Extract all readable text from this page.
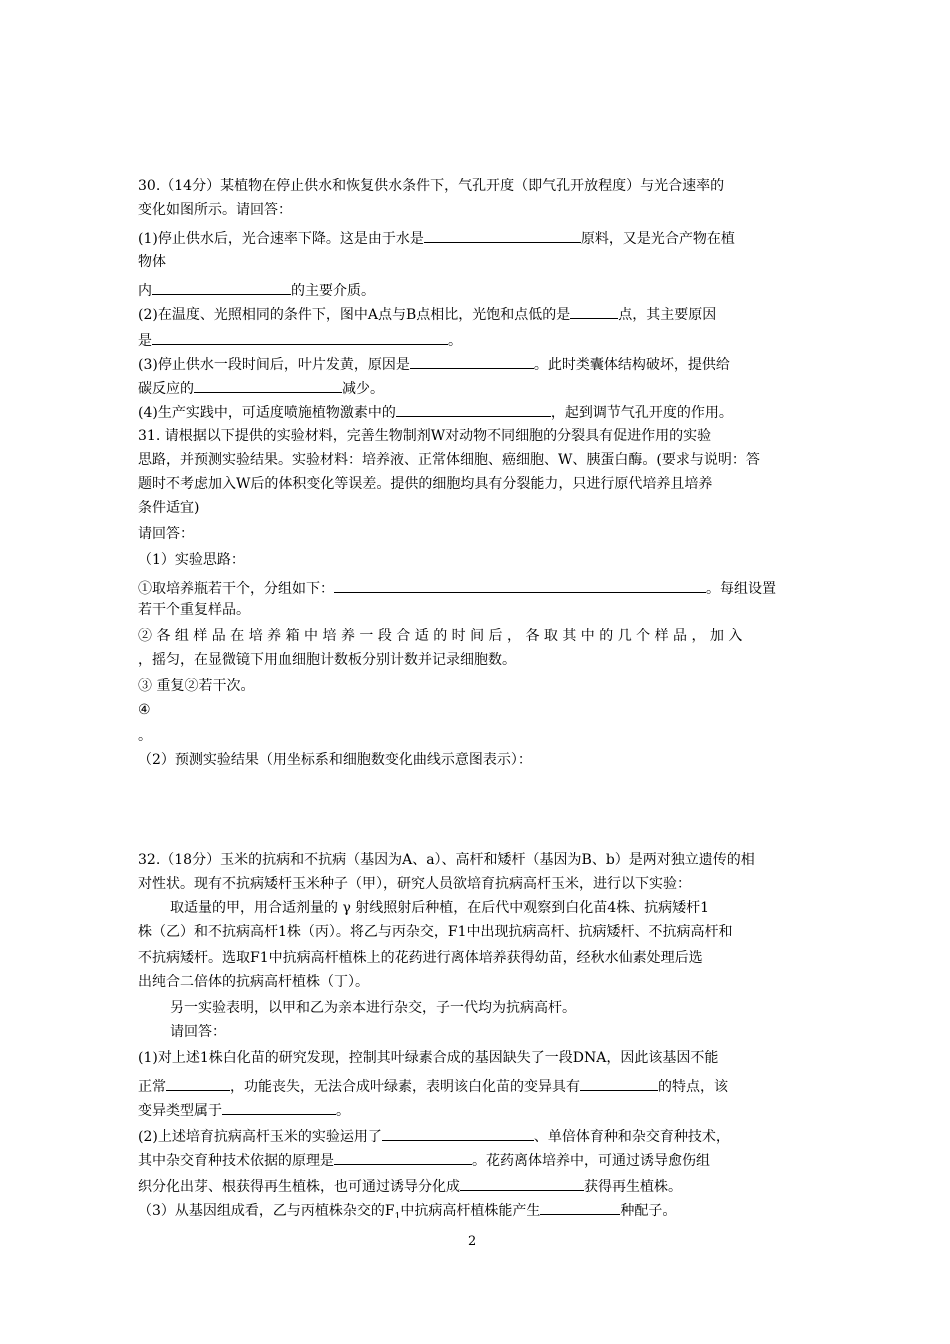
30.（14分）某植物在停止供水和恢复供水条件下，气孔开度（即气孔开放程度）与光合速率的
变化如图所示。请回答：
(1)停止供水后，光合速率下降。这是由于水是	原料，又是光合产物在植
物体
内	的主要介质。
(2)在温度、光照相同的条件下，图中A点与B点相比，光饱和点低的是	点，其主要原因
是	。
(3)停止供水一段时间后，叶片发黄，原因是	。此时类囊体结构破坏，提供给
碳反应的	减少。
(4)生产实践中，可适度喷施植物激素中的	，起到调节气孔开度的作用。
31. 请根据以下提供的实验材料，完善生物制剂W对动物不同细胞的分裂具有促进作用的实验
思路，并预测实验结果。实验材料：培养液、正常体细胞、癌细胞、W、胰蛋白酶。(要求与说明：答
题时不考虑加入W后的体积变化等误差。提供的细胞均具有分裂能力，只进行原代培养且培养
条件适宜)
请回答：
（1）实验思路：
①取培养瓶若干个，分组如下：	。每组设置
若干个重复样品。
② 各 组 样 品 在 培 养 箱 中 培 养 一 段 合 适 的 时 间 后 ， 各 取 其 中 的 几 个 样 品 ， 加 入
，摇匀，在显微镜下用血细胞计数板分别计数并记录细胞数。
③ 重复②若干次。
④
。
（2）预测实验结果（用坐标系和细胞数变化曲线示意图表示）：
32.（18分）玉米的抗病和不抗病（基因为A、a）、高杆和矮杆（基因为B、b）是两对独立遗传的相
对性状。现有不抗病矮杆玉米种子（甲），研究人员欲培育抗病高杆玉米，进行以下实验：
取适量的甲，用合适剂量的 γ 射线照射后种植，在后代中观察到白化苗4株、抗病矮杆1
株（乙）和不抗病高杆1株（丙）。将乙与丙杂交，F1中出现抗病高杆、抗病矮杆、不抗病高杆和
不抗病矮杆。选取F1中抗病高杆植株上的花药进行离体培养获得幼苗，经秋水仙素处理后选
出纯合二倍体的抗病高杆植株（丁）。
另一实验表明，以甲和乙为亲本进行杂交，子一代均为抗病高杆。
请回答：
(1)对上述1株白化苗的研究发现，控制其叶绿素合成的基因缺失了一段DNA，因此该基因不能
正常	，功能丧失，无法合成叶绿素，表明该白化苗的变异具有	的特点，该
变异类型属于	。
(2)上述培育抗病高杆玉米的实验运用了	、单倍体育种和杂交育种技术，
其中杂交育种技术依据的原理是	。花药离体培养中，可通过诱导愈伤组
织分化出芽、根获得再生植株，也可通过诱导分化成	获得再生植株。
（3）从基因组成看，乙与丙植株杂交的$F_1$中抗病高杆植株能产生	种配子。
2
